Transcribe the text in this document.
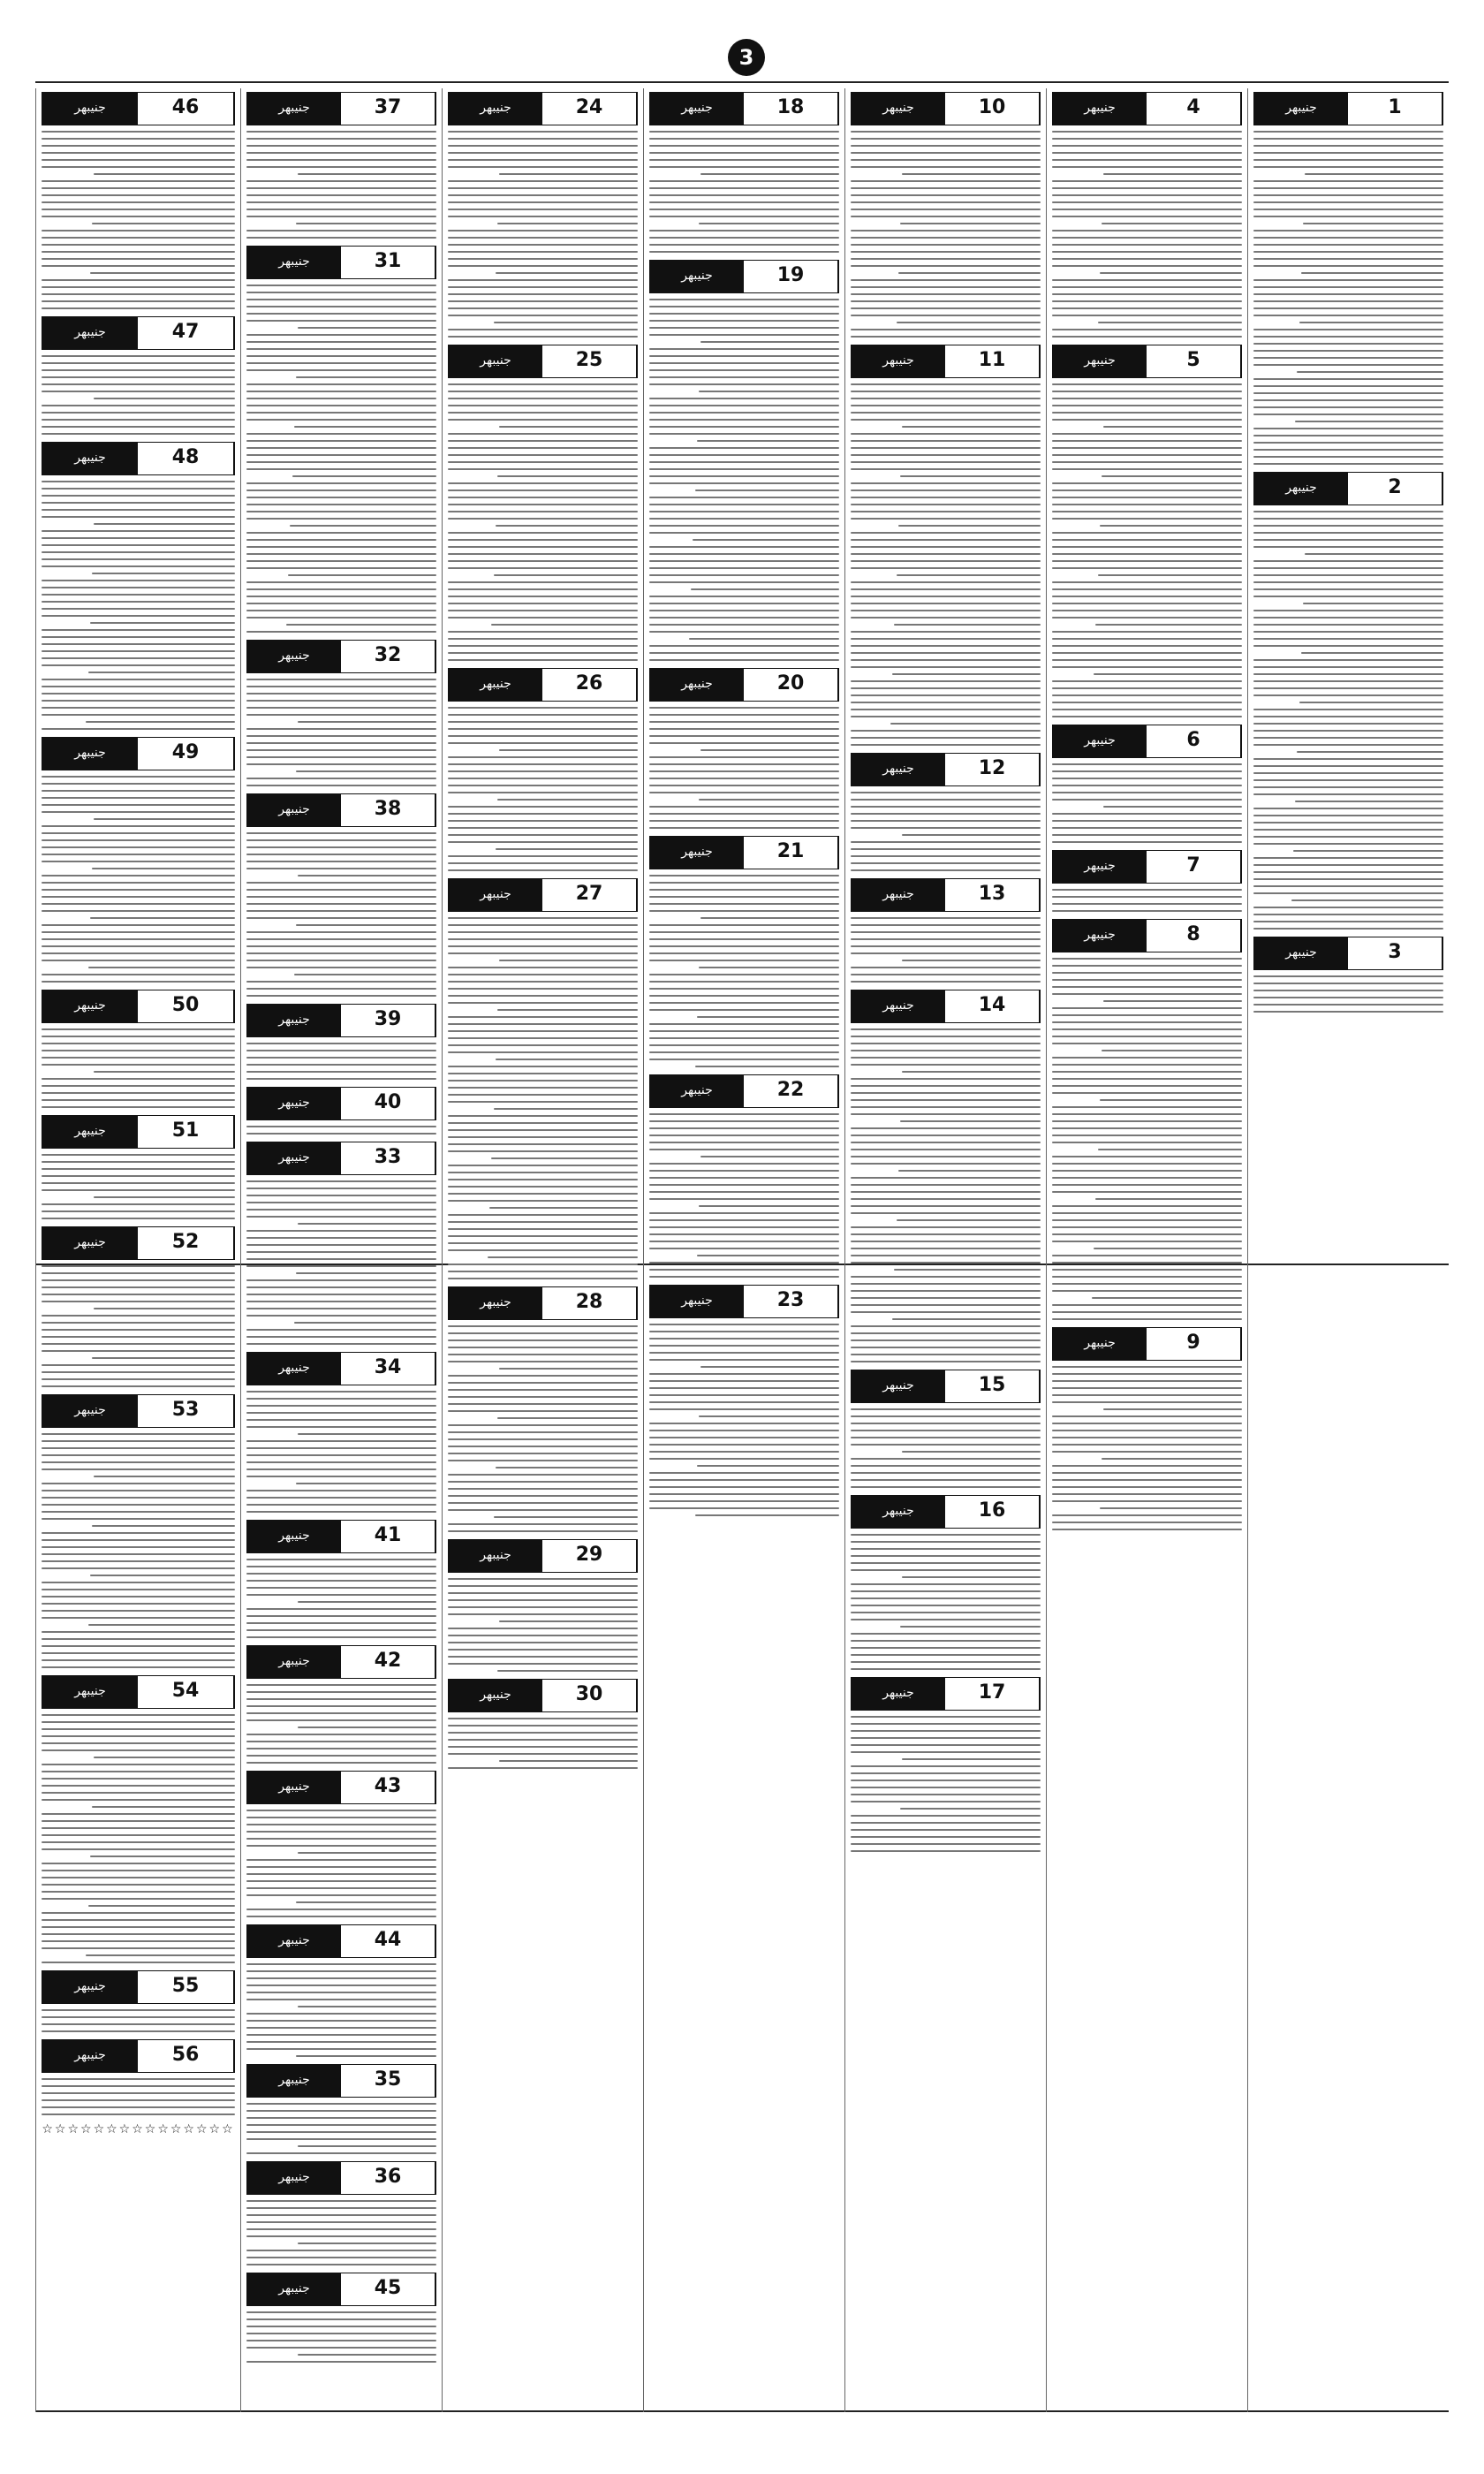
3
جنیبھر	1
جنیبھر	2
جنیبھر	3
جنیبھر	4
جنیبھر	5
جنیبھر	6
جنیبھر	7
جنیبھر	8
جنیبھر	9
جنیبھر	10
جنیبھر	11
جنیبھر	12
جنیبھر	13
جنیبھر	14
جنیبھر	15
جنیبھر	16
جنیبھر	17
جنیبھر	18
جنیبھر	19
جنیبھر	20
جنیبھر	21
جنیبھر	22
جنیبھر	23
جنیبھر	24
جنیبھر	25
جنیبھر	26
جنیبھر	27
جنیبھر	28
جنیبھر	29
جنیبھر	30
جنیبھر	37
جنیبھر	31
جنیبھر	32
جنیبھر	38
جنیبھر	39
جنیبھر	40
جنیبھر	33
جنیبھر	34
جنیبھر	41
جنیبھر	42
جنیبھر	43
جنیبھر	44
جنیبھر	35
جنیبھر	36
جنیبھر	45
جنیبھر	46
جنیبھر	47
جنیبھر	48
جنیبھر	49
جنیبھر	50
جنیبھر	51
جنیبھر	52
جنیبھر	53
جنیبھر	54
جنیبھر	55
جنیبھر	56
☆☆☆☆☆☆☆☆☆☆☆☆☆☆☆
